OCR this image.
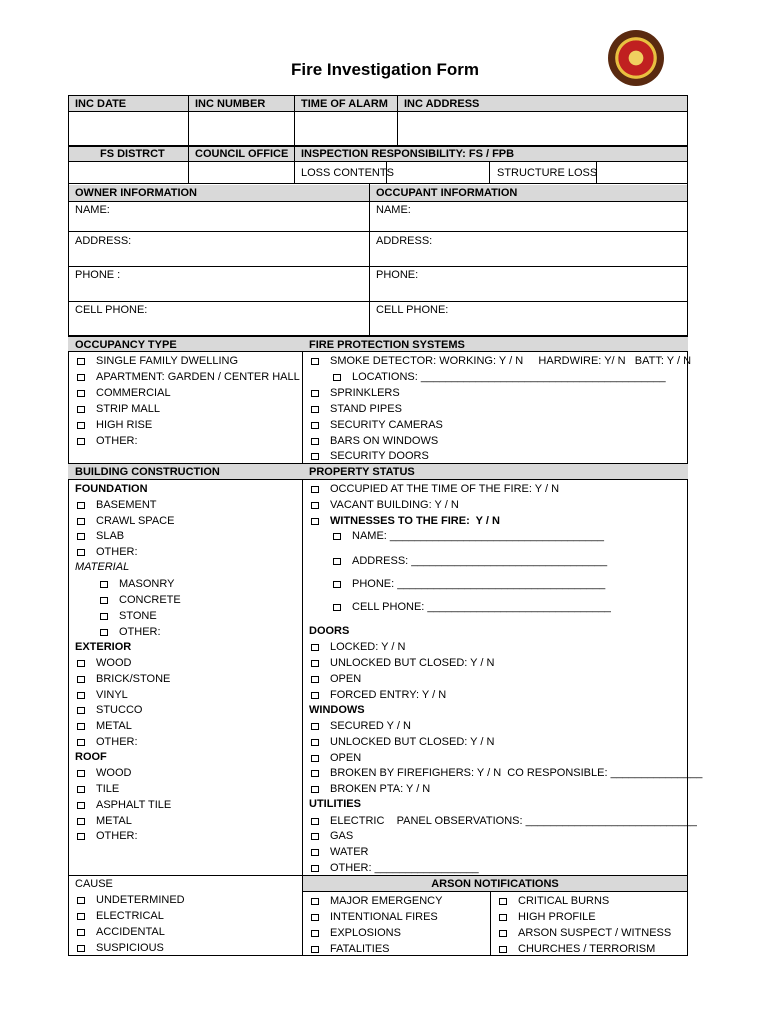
Fire Investigation Form
INC DATE	INC NUMBER	TIME OF ALARM INC ADDRESS
FS DISTRCT	COUNCIL OFFICE INSPECTION RESPONSIBILITY: FS / FPB
LOSS CONTENTS	STRUCTURE LOSS
OWNER INFORMATION	OCCUPANT INFORMATION
NAME:
ADDRESS:
PHONE :
CELL PHONE:
NAME:
ADDRESS:
PHONE:
CELL PHONE:
OCCUPANCY TYPE	FIRE PROTECTION SYSTEMS
BUILDING CONSTRUCTION	PROPERTY STATUS
CAUSE	ARSON NOTIFICATIONS
SINGLE FAMILY DWELLING
APARTMENT: GARDEN / CENTER HALL
COMMERCIAL
STRIP MALL
HIGH RISE
OTHER:
SMOKE DETECTOR: WORKING: Y / N     HARDWIRE: Y/ N   BATT: Y / N
LOCATIONS: ________________________________________
SPRINKLERS
STAND PIPES
SECURITY CAMERAS
BARS ON WINDOWS
SECURITY DOORS
FOUNDATION
BASEMENT
CRAWL SPACE
SLAB
OTHER:
MATERIAL
MASONRY
CONCRETE
STONE
OTHER:
EXTERIOR
WOOD
BRICK/STONE
VINYL
STUCCO
METAL
OTHER:
ROOF
WOOD
TILE
ASPHALT TILE
METAL
OTHER:
OCCUPIED AT THE TIME OF THE FIRE: Y / N
VACANT BUILDING: Y / N
WITNESSES TO THE FIRE:  Y / N
NAME: ___________________________________
ADDRESS: ________________________________
PHONE: __________________________________
CELL PHONE: ______________________________
DOORS
LOCKED: Y / N
UNLOCKED BUT CLOSED: Y / N
OPEN
FORCED ENTRY: Y / N
WINDOWS
SECURED Y / N
UNLOCKED BUT CLOSED: Y / N
OPEN
BROKEN BY FIREFIGHERS: Y / N  CO RESPONSIBLE: _______________
BROKEN PTA: Y / N
UTILITIES
ELECTRIC    PANEL OBSERVATIONS: ____________________________
GAS
WATER
OTHER: _________________
UNDETERMINED
ELECTRICAL
ACCIDENTAL
SUSPICIOUS
MAJOR EMERGENCY
INTENTIONAL FIRES
EXPLOSIONS
FATALITIES
CRITICAL BURNS
HIGH PROFILE
ARSON SUSPECT / WITNESS
CHURCHES / TERRORISM
